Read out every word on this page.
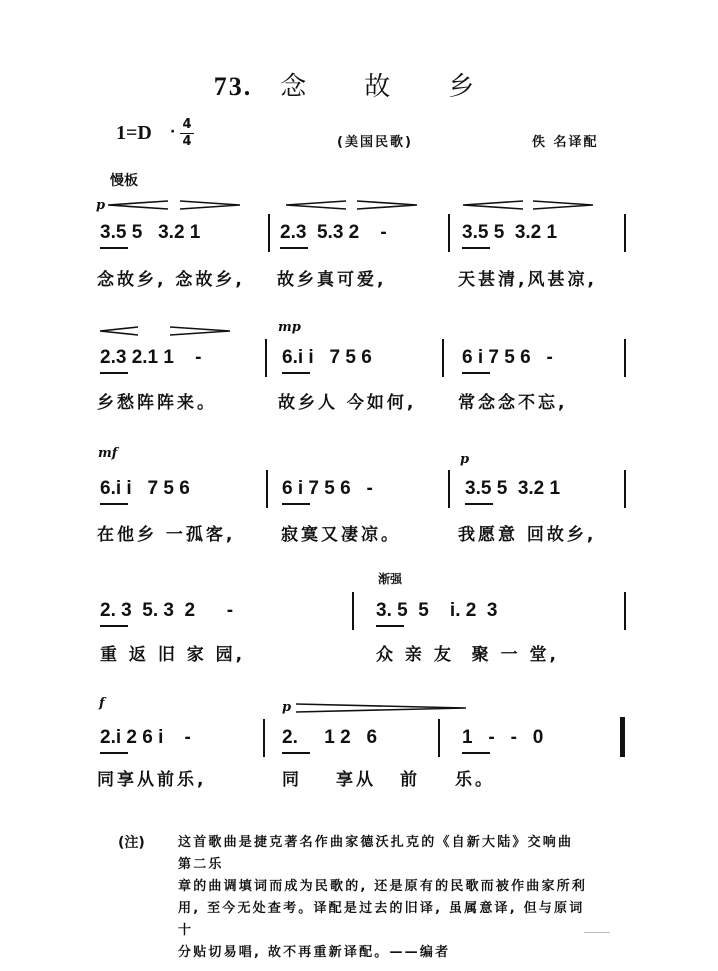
73. 念 故 乡
1=D · 4
4	(美国民歌)	佚 名译配
慢板
p
3.5 5   3.2 1	2.3  5.3 2    -	3.5 5  3.2 1
念故乡, 念故乡, 故乡真可爱,	天甚清,风甚凉,
mp
2.3 2.1 1    -	6.i i   7 5 6	6 i 7 5 6   -
乡愁阵阵来。	故乡人 今如何, 常念念不忘,
mf	p
6.i i   7 5 6	6 i 7 5 6   -	3.5 5  3.2 1
在他乡 一孤客,	寂寞又凄凉。	我愿意 回故乡,
渐强
2. 3  5. 3  2      -	3. 5  5    i. 2  3
重 返 旧 家 园,	众 亲 友  聚 一 堂,
f	p
2.i 2 6 i    -	2.     1 2   6	1   -   -   0
同享从前乐,	同 享从 前 乐。
(注)	这首歌曲是捷克著名作曲家德沃扎克的《自新大陆》交响曲第二乐
章的曲调填词而成为民歌的, 还是原有的民歌而被作曲家所利
用, 至今无处查考。译配是过去的旧译, 虽属意译, 但与原词十
分贴切易唱, 故不再重新译配。——编者
